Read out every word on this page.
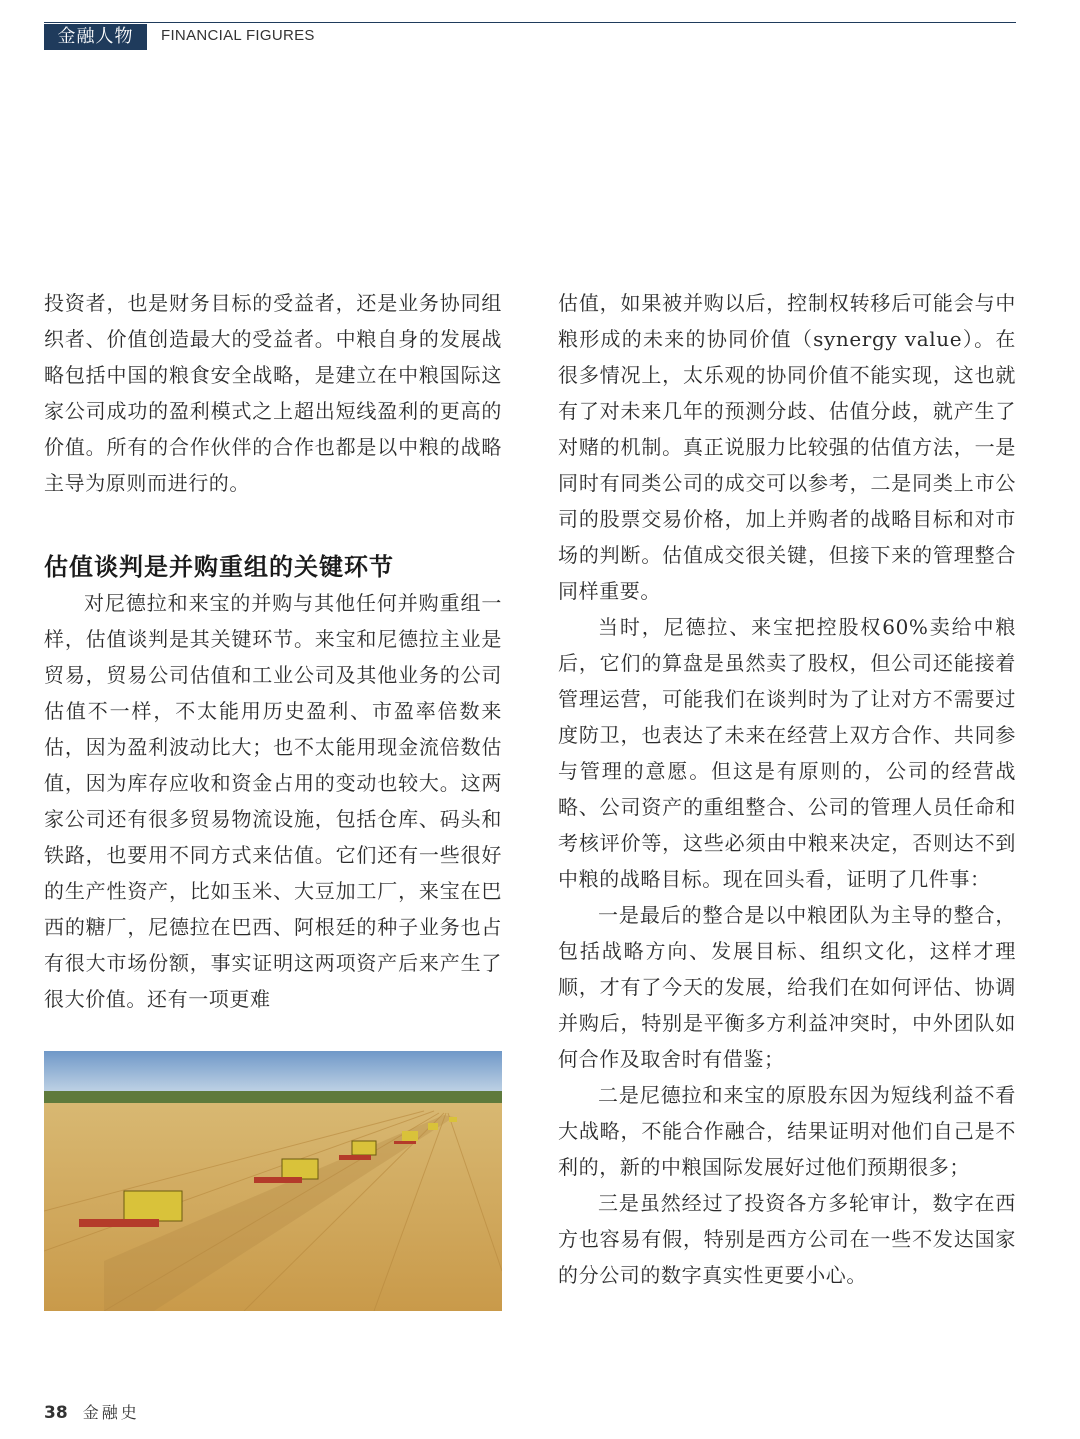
金融人物	FINANCIAL FIGURES

投资者，也是财务目标的受益者，还是业务协同组织者、价值创造最大的受益者。中粮自身的发展战略包括中国的粮食安全战略，是建立在中粮国际这家公司成功的盈利模式之上超出短线盈利的更高的价值。所有的合作伙伴的合作也都是以中粮的战略主导为原则而进行的。

估值谈判是并购重组的关键环节

对尼德拉和来宝的并购与其他任何并购重组一样，估值谈判是其关键环节。来宝和尼德拉主业是贸易，贸易公司估值和工业公司及其他业务的公司估值不一样，不太能用历史盈利、市盈率倍数来估，因为盈利波动比大；也不太能用现金流倍数估值，因为库存应收和资金占用的变动也较大。这两家公司还有很多贸易物流设施，包括仓库、码头和铁路，也要用不同方式来估值。它们还有一些很好的生产性资产，比如玉米、大豆加工厂，来宝在巴西的糖厂，尼德拉在巴西、阿根廷的种子业务也占有很大市场份额，事实证明这两项资产后来产生了很大价值。还有一项更难

估值，如果被并购以后，控制权转移后可能会与中粮形成的未来的协同价值（synergy value）。在很多情况上，太乐观的协同价值不能实现，这也就有了对未来几年的预测分歧、估值分歧，就产生了对赌的机制。真正说服力比较强的估值方法，一是同时有同类公司的成交可以参考，二是同类上市公司的股票交易价格，加上并购者的战略目标和对市场的判断。估值成交很关键，但接下来的管理整合同样重要。

当时，尼德拉、来宝把控股权60%卖给中粮后，它们的算盘是虽然卖了股权，但公司还能接着管理运营，可能我们在谈判时为了让对方不需要过度防卫，也表达了未来在经营上双方合作、共同参与管理的意愿。但这是有原则的，公司的经营战略、公司资产的重组整合、公司的管理人员任命和考核评价等，这些必须由中粮来决定，否则达不到中粮的战略目标。现在回头看，证明了几件事：

一是最后的整合是以中粮团队为主导的整合，包括战略方向、发展目标、组织文化，这样才理顺，才有了今天的发展，给我们在如何评估、协调并购后，特别是平衡多方利益冲突时，中外团队如何合作及取舍时有借鉴；

二是尼德拉和来宝的原股东因为短线利益不看大战略，不能合作融合，结果证明对他们自己是不利的，新的中粮国际发展好过他们预期很多；

三是虽然经过了投资各方多轮审计，数字在西方也容易有假，特别是西方公司在一些不发达国家的分公司的数字真实性更要小心。

38 金融史
